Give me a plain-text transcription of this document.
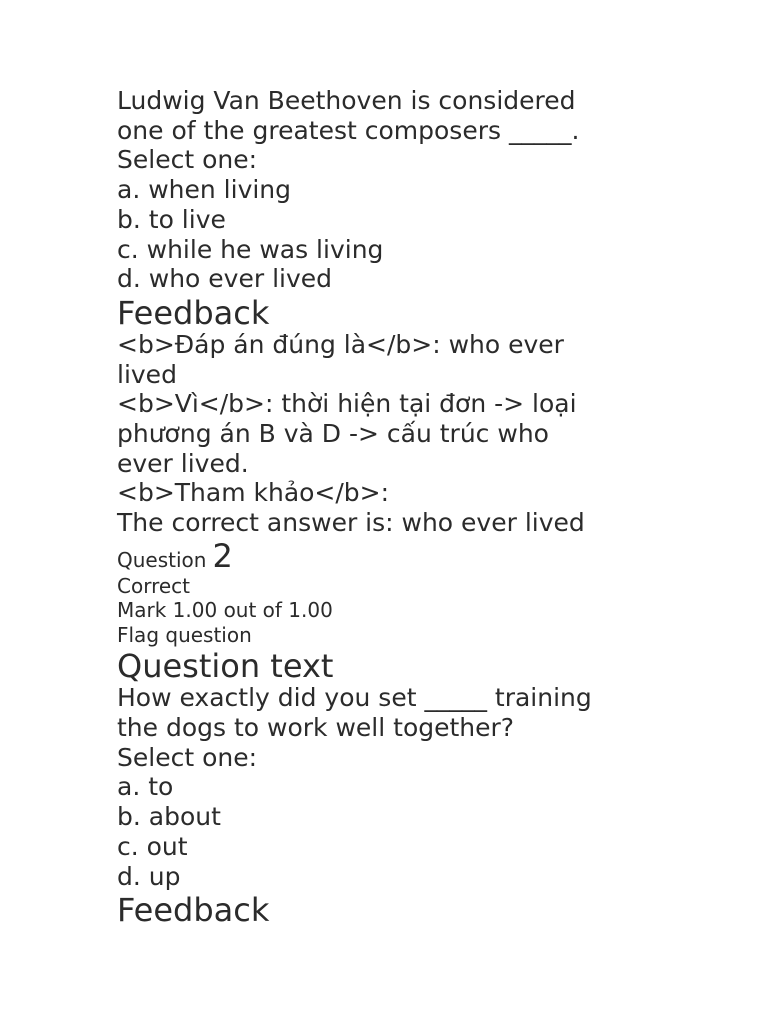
Ludwig Van Beethoven is considered

one of the greatest composers _____.

Select one:

a. when living

b. to live

c. while he was living

d. who ever lived

Feedback

<b>Đáp án đúng là</b>: who ever

lived

<b>Vì</b>: thời hiện tại đơn -> loại

phương án B và D -> cấu trúc who

ever lived.

<b>Tham khảo</b>:

The correct answer is: who ever lived

Question 2

Correct

Mark 1.00 out of 1.00

Flag question

Question text

How exactly did you set _____ training

the dogs to work well together?

Select one:

a. to

b. about

c. out

d. up

Feedback
